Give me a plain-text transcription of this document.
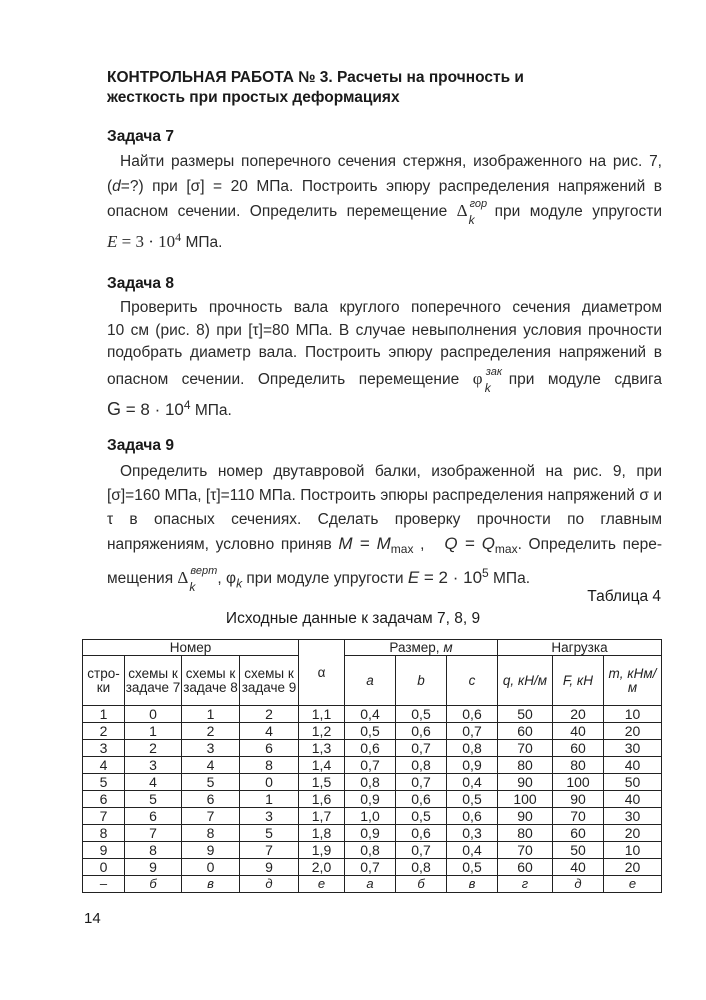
КОНТРОЛЬНАЯ РАБОТА № 3. Расчеты на прочность и
жесткость при простых деформациях
Задача 7
Найти размеры поперечного сечения стержня, изображенного на рис. 7,
(d=?) при [σ] = 20 МПа. Построить эпюру распределения напряжений в
опасном сечении. Определить перемещение Δ гор
k при модуле упругости
$E = 3 \cdot 10^4$ МПа.
Задача 8
Проверить прочность вала круглого поперечного сечения диаметром
10 см (рис. 8) при [τ]=80 МПа. В случае невыполнения условия прочности
подобрать диаметр вала. Построить эпюру распределения напряжений в
опасном сечении. Определить перемещение φ зак
k при модуле сдвига
$G = 8 \cdot 10^4$ МПа.
Задача 9
Определить номер двутавровой балки, изображенной на рис. 9, при
[σ]=160 МПа, [τ]=110 МПа. Построить эпюры распределения напряжений σ и
τ в опасных сечениях. Сделать проверку прочности по главным
напряжениям, условно приняв $M = M_{max}$ , $Q = Q_{max}$. Определить пере-
мещения Δ верт
k , $\varphi_k$ при модуле упругости $E = 2 \cdot 10^5$ МПа.
Таблица 4
Исходные данные к задачам 7, 8, 9
Номер				α	Размер, м			Нагрузка		
стро-ки	схемы к задаче 7	схемы к задаче 8	схемы к задаче 9		a	b	c	q, кН/м	F, кН	m, кНм/м
1	0	1	2	1,1	0,4	0,5	0,6	50	20	10
2	1	2	4	1,2	0,5	0,6	0,7	60	40	20
3	2	3	6	1,3	0,6	0,7	0,8	70	60	30
4	3	4	8	1,4	0,7	0,8	0,9	80	80	40
5	4	5	0	1,5	0,8	0,7	0,4	90	100	50
6	5	6	1	1,6	0,9	0,6	0,5	100	90	40
7	6	7	3	1,7	1,0	0,5	0,6	90	70	30
8	7	8	5	1,8	0,9	0,6	0,3	80	60	20
9	8	9	7	1,9	0,8	0,7	0,4	70	50	10
0	9	0	9	2,0	0,7	0,8	0,5	60	40	20
–	б	в	д	е	а	б	в	г	д	е
14
